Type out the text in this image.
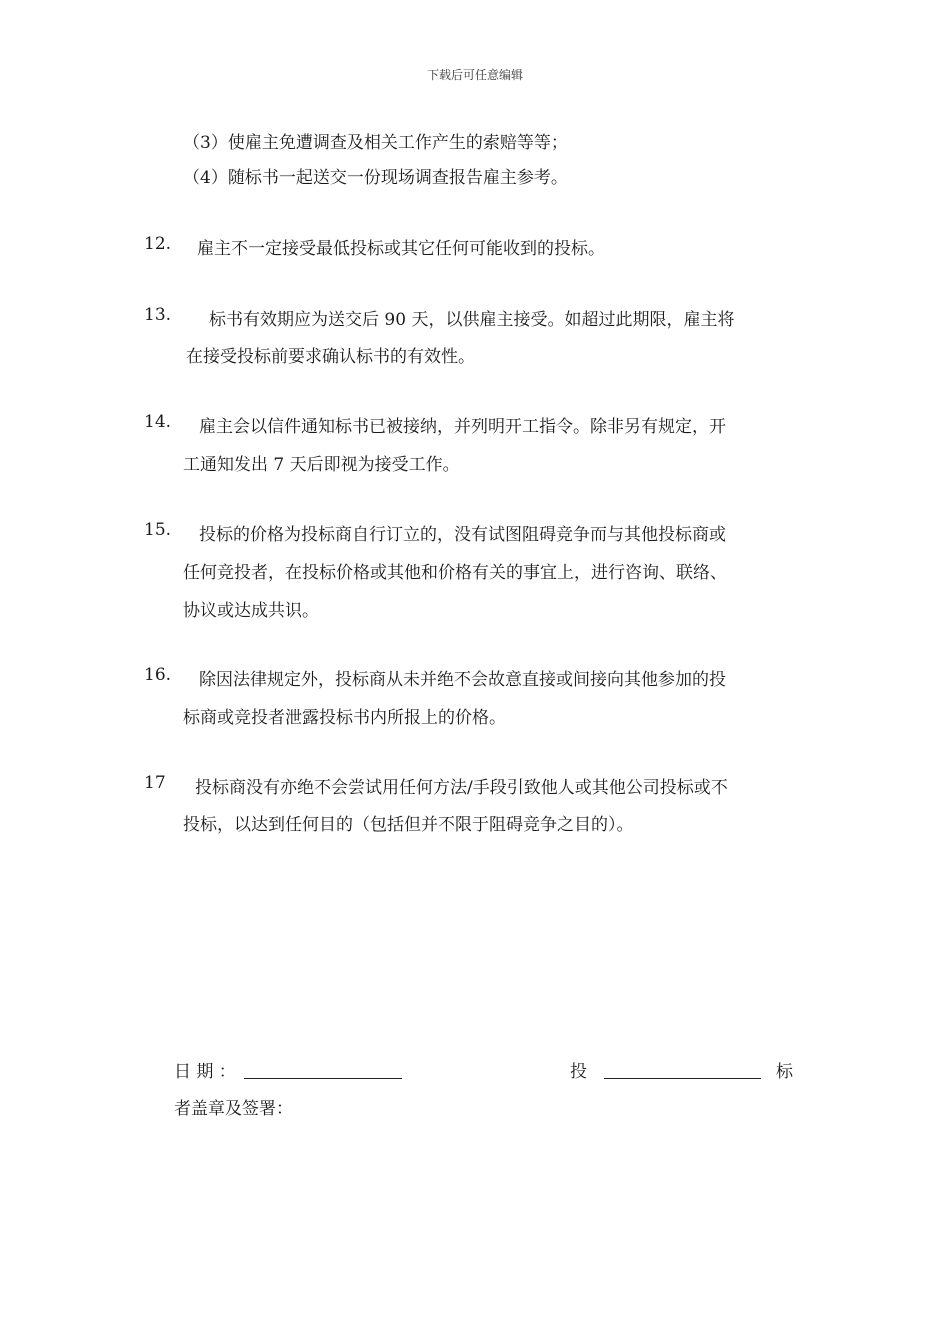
下载后可任意编辑
（3）使雇主免遭调查及相关工作产生的索赔等等；
（4）随标书一起送交一份现场调查报告雇主参考。
12. 雇主不一定接受最低投标或其它任何可能收到的投标。
13. 标书有效期应为送交后 90 天，以供雇主接受。如超过此期限，雇主将
在接受投标前要求确认标书的有效性。
14. 雇主会以信件通知标书已被接纳，并列明开工指令。除非另有规定，开
工通知发出 7 天后即视为接受工作。
15. 投标的价格为投标商自行订立的，没有试图阻碍竞争而与其他投标商或
任何竞投者，在投标价格或其他和价格有关的事宜上，进行咨询、联络、
协议或达成共识。
16. 除因法律规定外，投标商从未并绝不会故意直接或间接向其他参加的投
标商或竞投者泄露投标书内所报上的价格。
17 投标商没有亦绝不会尝试用任何方法/手段引致他人或其他公司投标或不
投标，以达到任何目的（包括但并不限于阻碍竞争之目的）。
日 期 ：	投	标
者盖章及签署：
